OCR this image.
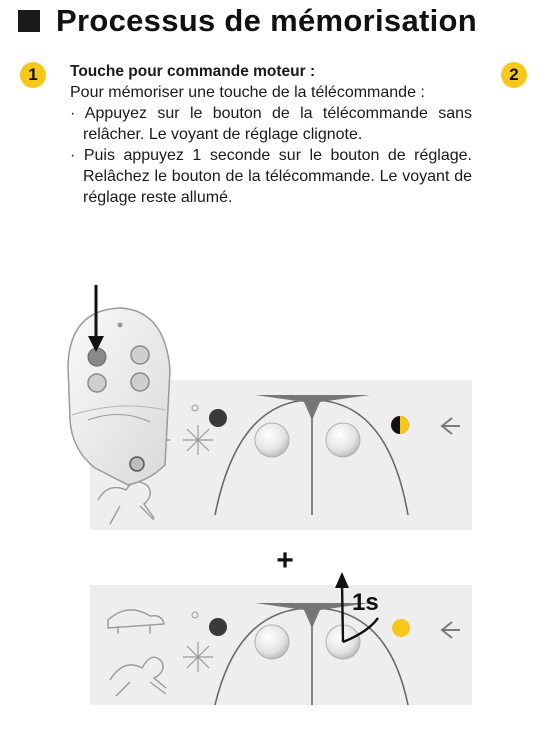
Processus de mémorisation
1	2
Touche pour commande moteur :
Pour mémoriser une touche de la télécommande :
· Appuyez sur le bouton de la télécommande sans relâcher. Le voyant de réglage clignote.
· Puis appuyez 1 seconde sur le bouton de réglage. Relâchez le bouton de la télécommande. Le voyant de réglage reste allumé.
+
1s
